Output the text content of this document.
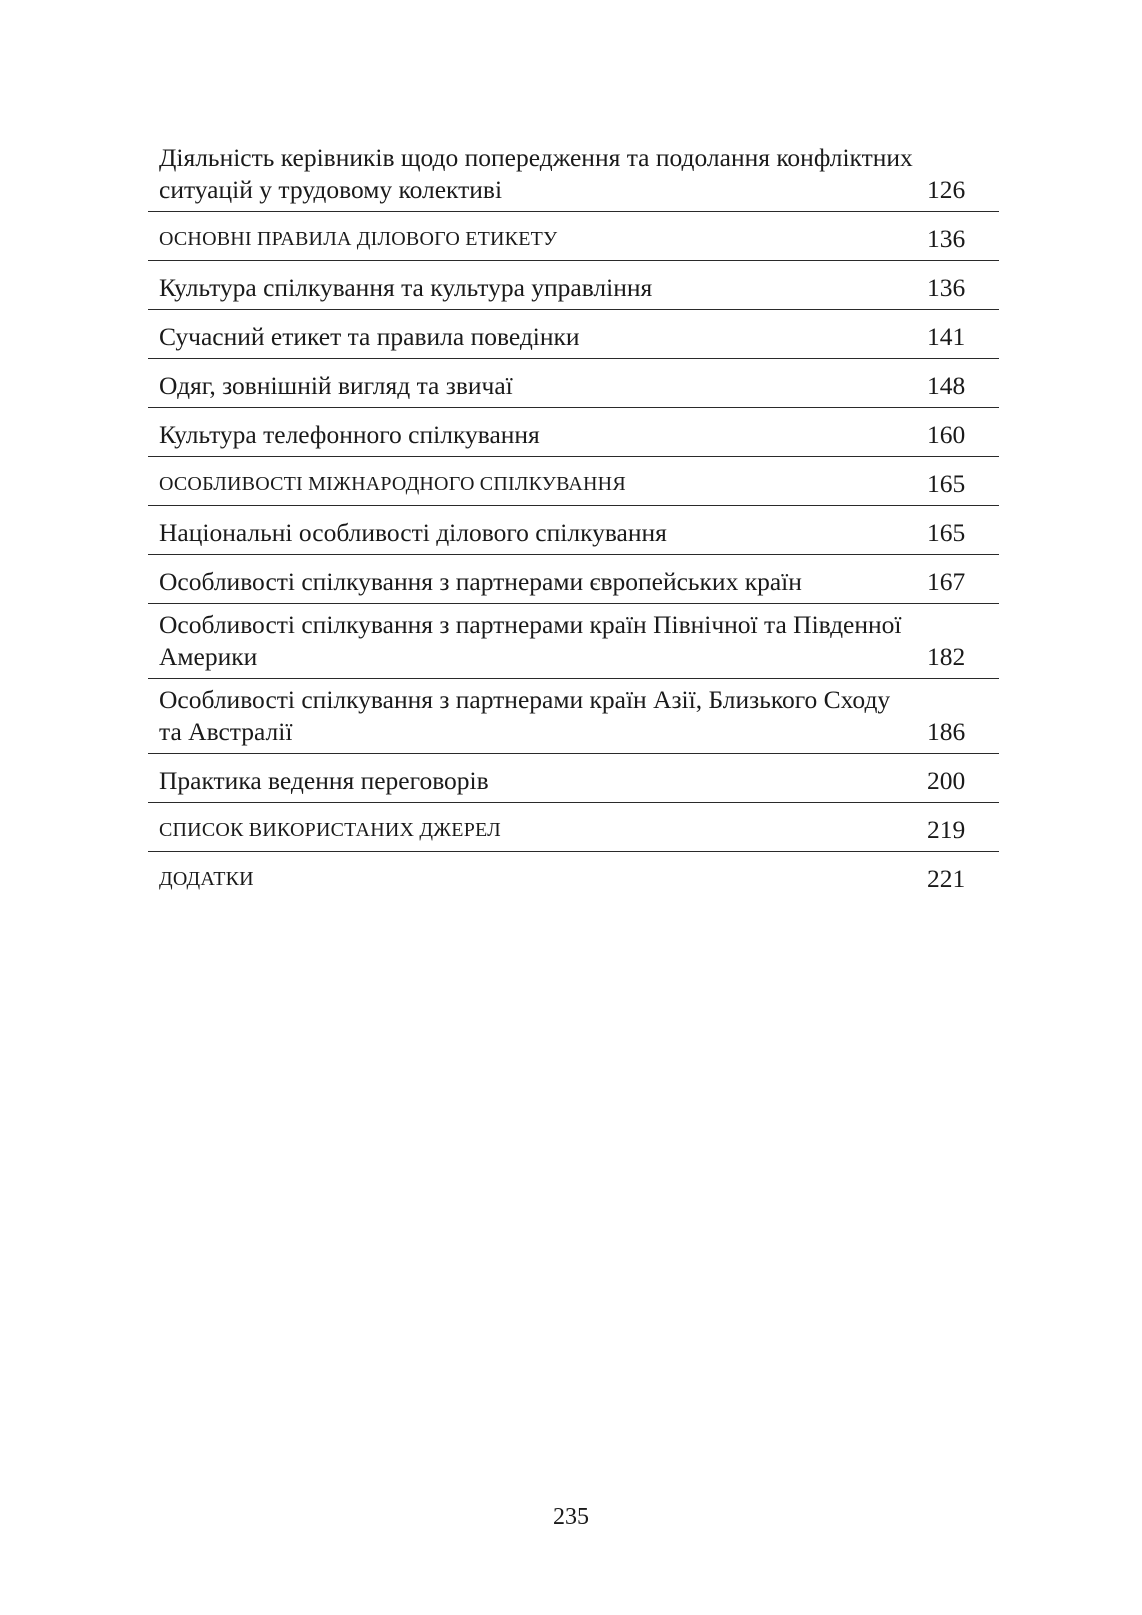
Діяльність керівників щодо попередження та подолання конфліктних ситуацій у трудовому колективі	126
ОСНОВНІ ПРАВИЛА ДІЛОВОГО ЕТИКЕТУ	136
Культура спілкування та культура управління	136
Сучасний етикет та правила поведінки	141
Одяг, зовнішній вигляд та звичаї	148
Культура телефонного спілкування	160
ОСОБЛИВОСТІ МІЖНАРОДНОГО СПІЛКУВАННЯ	165
Національні особливості ділового спілкування	165
Особливості спілкування з партнерами європейських країн	167
Особливості спілкування з партнерами країн Північної та Південної Америки	182
Особливості спілкування з партнерами країн Азії, Близького Сходу та Австралії	186
Практика ведення переговорів	200
СПИСОК ВИКОРИСТАНИХ ДЖЕРЕЛ	219
ДОДАТКИ	221
235
